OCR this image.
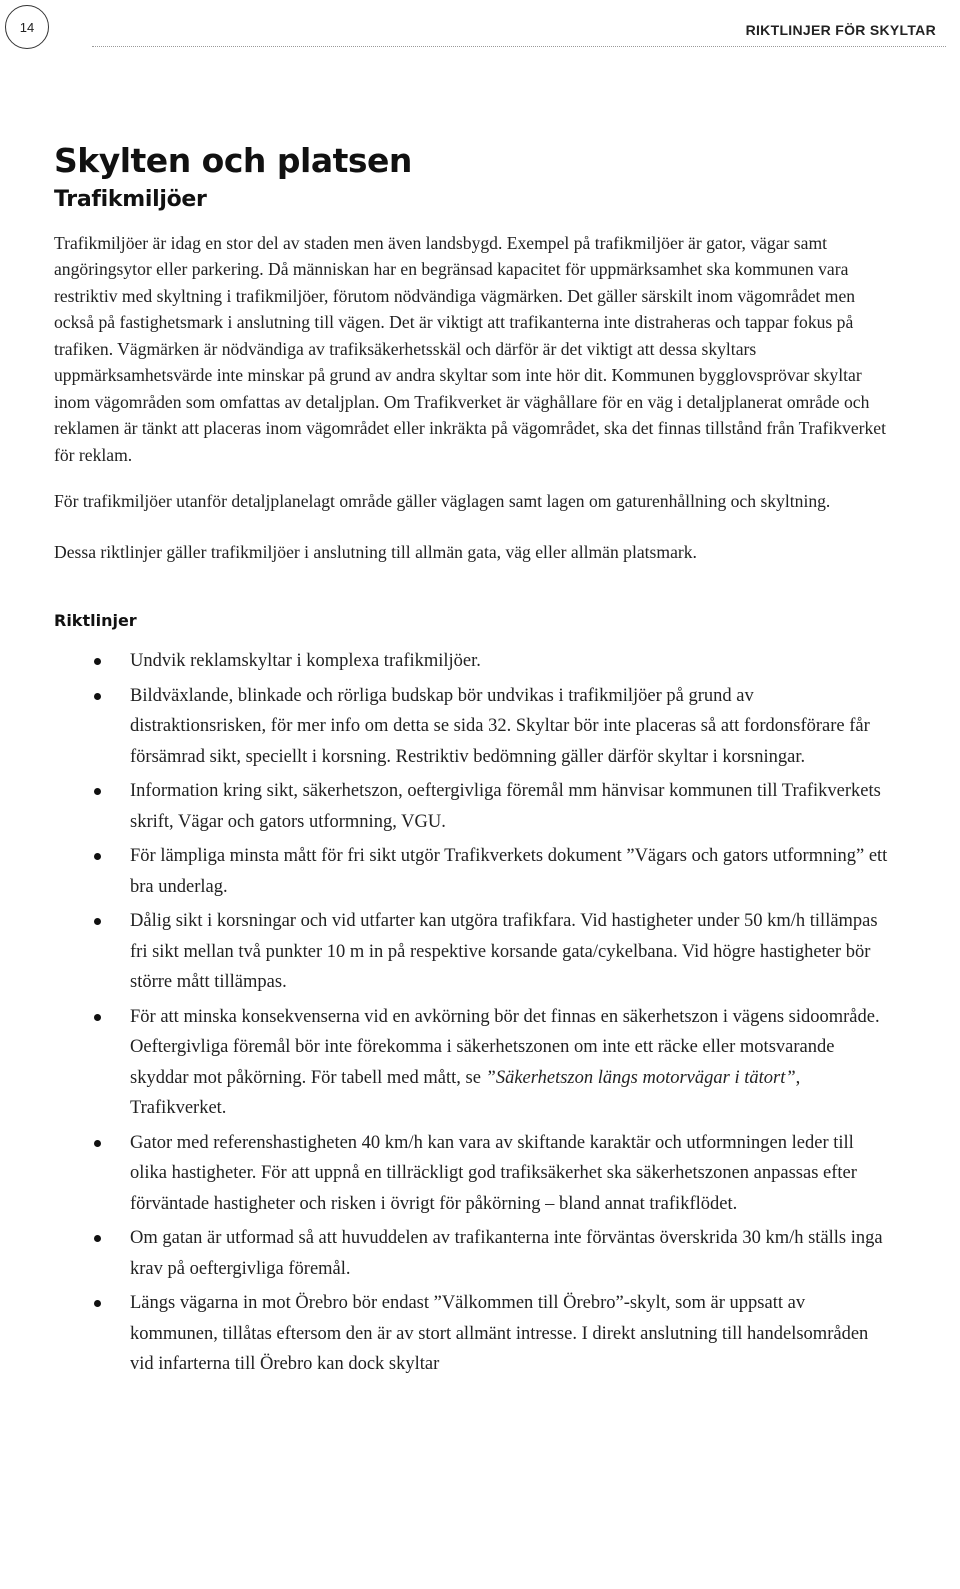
14	RIKTLINJER FÖR SKYLTAR
Skylten och platsen
Trafikmiljöer

Trafikmiljöer är idag en stor del av staden men även landsbygd. Exempel på trafikmiljöer är gator, vägar samt angöringsytor eller parkering. Då människan har en begränsad kapacitet för uppmärksamhet ska kommunen vara restriktiv med skyltning i trafikmiljöer, förutom nödvändiga vägmärken. Det gäller särskilt inom vägområdet men också på fastighetsmark i anslutning till vägen. Det är viktigt att trafikanterna inte distraheras och tappar fokus på trafiken. Vägmärken är nödvändiga av trafiksäkerhetsskäl och därför är det viktigt att dessa skyltars uppmärksamhetsvärde inte minskar på grund av andra skyltar som inte hör dit. Kommunen bygglovsprövar skyltar inom vägområden som omfattas av detaljplan. Om Trafikverket är väghållare för en väg i detaljplanerat område och reklamen är tänkt att placeras inom vägområdet eller inkräkta på vägområdet, ska det finnas tillstånd från Trafikverket för reklam.

För trafikmiljöer utanför detaljplanelagt område gäller väglagen samt lagen om gaturenhållning och skyltning.

Dessa riktlinjer gäller trafikmiljöer i anslutning till allmän gata, väg eller allmän platsmark.

Riktlinjer
Undvik reklamskyltar i komplexa trafikmiljöer.
Bildväxlande, blinkade och rörliga budskap bör undvikas i trafikmiljöer på grund av distraktionsrisken, för mer info om detta se sida 32. Skyltar bör inte placeras så att fordonsförare får försämrad sikt, speciellt i korsning. Restriktiv bedömning gäller därför skyltar i korsningar.
Information kring sikt, säkerhetszon, oeftergivliga föremål mm hänvisar kommunen till Trafikverkets skrift, Vägar och gators utformning, VGU.
För lämpliga minsta mått för fri sikt utgör Trafikverkets dokument ”Vägars och gators utformning” ett bra underlag.
Dålig sikt i korsningar och vid utfarter kan utgöra trafikfara. Vid hastigheter under 50 km/h tillämpas fri sikt mellan två punkter 10 m in på respektive korsande gata/cykelbana. Vid högre hastigheter bör större mått tillämpas.
För att minska konsekvenserna vid en avkörning bör det finnas en säkerhetszon i vägens sidoområde. Oeftergivliga föremål bör inte förekomma i säkerhetszonen om inte ett räcke eller motsvarande skyddar mot påkörning. För tabell med mått, se ”Säkerhetszon längs motorvägar i tätort”, Trafikverket.
Gator med referenshastigheten 40 km/h kan vara av skiftande karaktär och utformningen leder till olika hastigheter. För att uppnå en tillräckligt god trafiksäkerhet ska säkerhetszonen anpassas efter förväntade hastigheter och risken i övrigt för påkörning – bland annat trafikflödet.
Om gatan är utformad så att huvuddelen av trafikanterna inte förväntas överskrida 30 km/h ställs inga krav på oeftergivliga föremål.
Längs vägarna in mot Örebro bör endast ”Välkommen till Örebro”-skylt, som är uppsatt av kommunen, tillåtas eftersom den är av stort allmänt intresse. I direkt anslutning till handelsområden vid infarterna till Örebro kan dock skyltar
